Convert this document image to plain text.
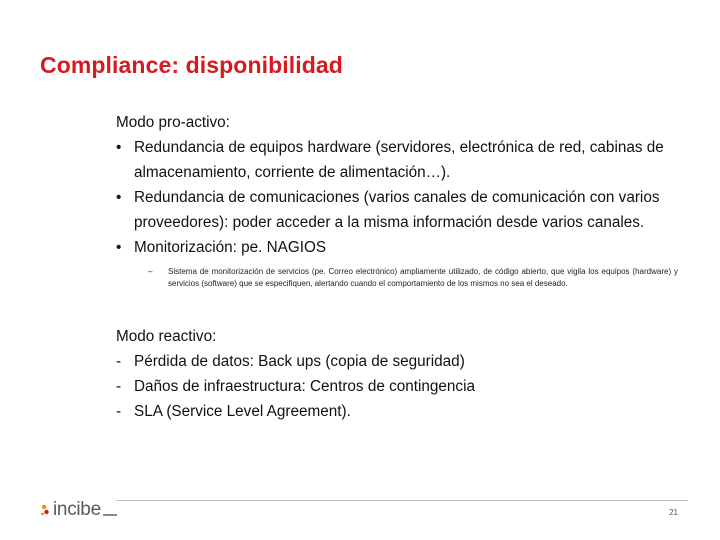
Compliance: disponibilidad

Modo pro-activo:

• Redundancia de equipos hardware (servidores, electrónica de red, cabinas de almacenamiento, corriente de alimentación…).
• Redundancia de comunicaciones (varios canales de comunicación con varios proveedores): poder acceder a la misma información desde varios canales.
• Monitorización: pe. NAGIOS
– Sistema de monitorización de servicios (pe. Correo electrónico) ampliamente utilizado, de código abierto, que vigila los equipos (hardware) y servicios (software) que se especifiquen, alertando cuando el comportamiento de los mismos no sea el deseado.

Modo reactivo:

- Pérdida de datos: Back ups (copia de seguridad)
- Daños de infraestructura: Centros de contingencia
- SLA (Service Level Agreement).
incibe	21
